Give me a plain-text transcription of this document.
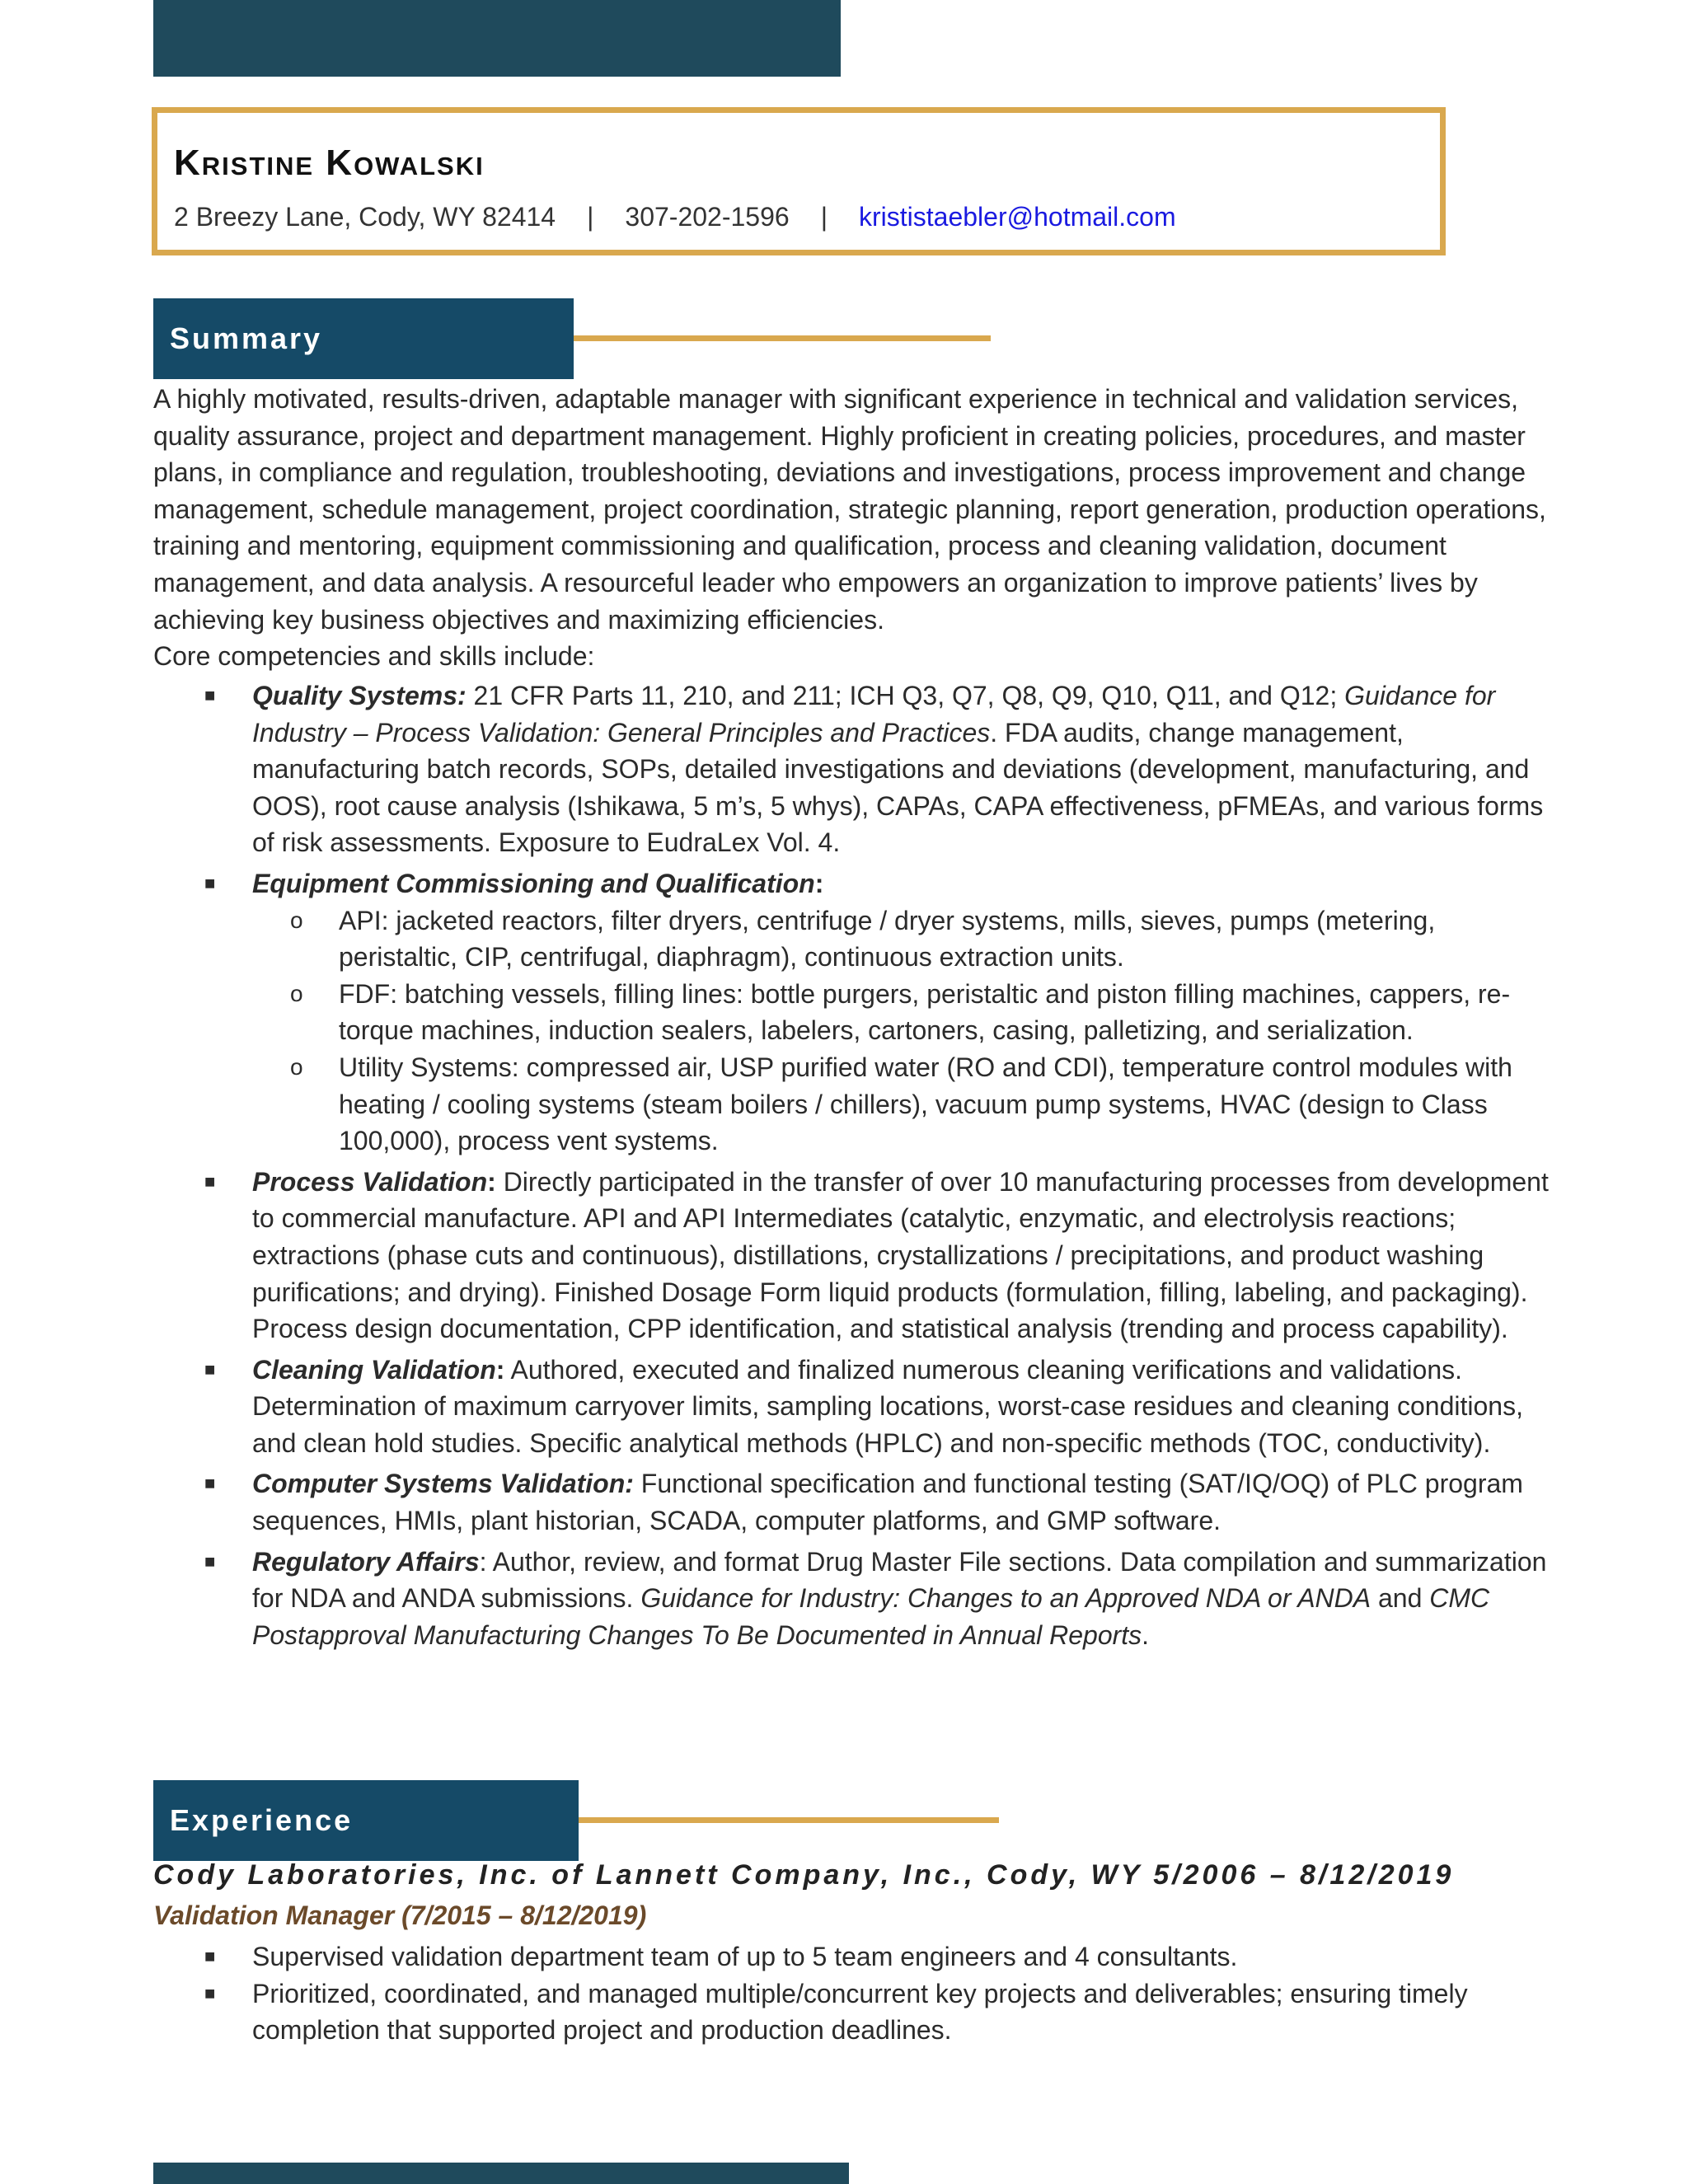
Kristine Kowalski
2 Breezy Lane, Cody, WY 82414 | 307-202-1596 | krististaebler@hotmail.com
Summary
A highly motivated, results-driven, adaptable manager with significant experience in technical and validation services, quality assurance, project and department management. Highly proficient in creating policies, procedures, and master plans, in compliance and regulation, troubleshooting, deviations and investigations, process improvement and change management, schedule management, project coordination, strategic planning, report generation, production operations, training and mentoring, equipment commissioning and qualification, process and cleaning validation, document management, and data analysis. A resourceful leader who empowers an organization to improve patients’ lives by achieving key business objectives and maximizing efficiencies.
Core competencies and skills include:
■ Quality Systems: 21 CFR Parts 11, 210, and 211; ICH Q3, Q7, Q8, Q9, Q10, Q11, and Q12; Guidance for Industry – Process Validation: General Principles and Practices. FDA audits, change management, manufacturing batch records, SOPs, detailed investigations and deviations (development, manufacturing, and OOS), root cause analysis (Ishikawa, 5 m’s, 5 whys), CAPAs, CAPA effectiveness, pFMEAs, and various forms of risk assessments. Exposure to EudraLex Vol. 4.
■ Equipment Commissioning and Qualification:
o API: jacketed reactors, filter dryers, centrifuge / dryer systems, mills, sieves, pumps (metering, peristaltic, CIP, centrifugal, diaphragm), continuous extraction units.
o FDF: batching vessels, filling lines: bottle purgers, peristaltic and piston filling machines, cappers, re-torque machines, induction sealers, labelers, cartoners, casing, palletizing, and serialization.
o Utility Systems: compressed air, USP purified water (RO and CDI), temperature control modules with heating / cooling systems (steam boilers / chillers), vacuum pump systems, HVAC (design to Class 100,000), process vent systems.
■ Process Validation: Directly participated in the transfer of over 10 manufacturing processes from development to commercial manufacture. API and API Intermediates (catalytic, enzymatic, and electrolysis reactions; extractions (phase cuts and continuous), distillations, crystallizations / precipitations, and product washing purifications; and drying). Finished Dosage Form liquid products (formulation, filling, labeling, and packaging). Process design documentation, CPP identification, and statistical analysis (trending and process capability).
■ Cleaning Validation: Authored, executed and finalized numerous cleaning verifications and validations. Determination of maximum carryover limits, sampling locations, worst-case residues and cleaning conditions, and clean hold studies. Specific analytical methods (HPLC) and non-specific methods (TOC, conductivity).
■ Computer Systems Validation: Functional specification and functional testing (SAT/IQ/OQ) of PLC program sequences, HMIs, plant historian, SCADA, computer platforms, and GMP software.
■ Regulatory Affairs: Author, review, and format Drug Master File sections. Data compilation and summarization for NDA and ANDA submissions. Guidance for Industry: Changes to an Approved NDA or ANDA and CMC Postapproval Manufacturing Changes To Be Documented in Annual Reports.
Experience
Cody Laboratories, Inc. of Lannett Company, Inc., Cody, WY 5/2006 – 8/12/2019
Validation Manager (7/2015 – 8/12/2019)
■ Supervised validation department team of up to 5 team engineers and 4 consultants.
■ Prioritized, coordinated, and managed multiple/concurrent key projects and deliverables; ensuring timely completion that supported project and production deadlines.
